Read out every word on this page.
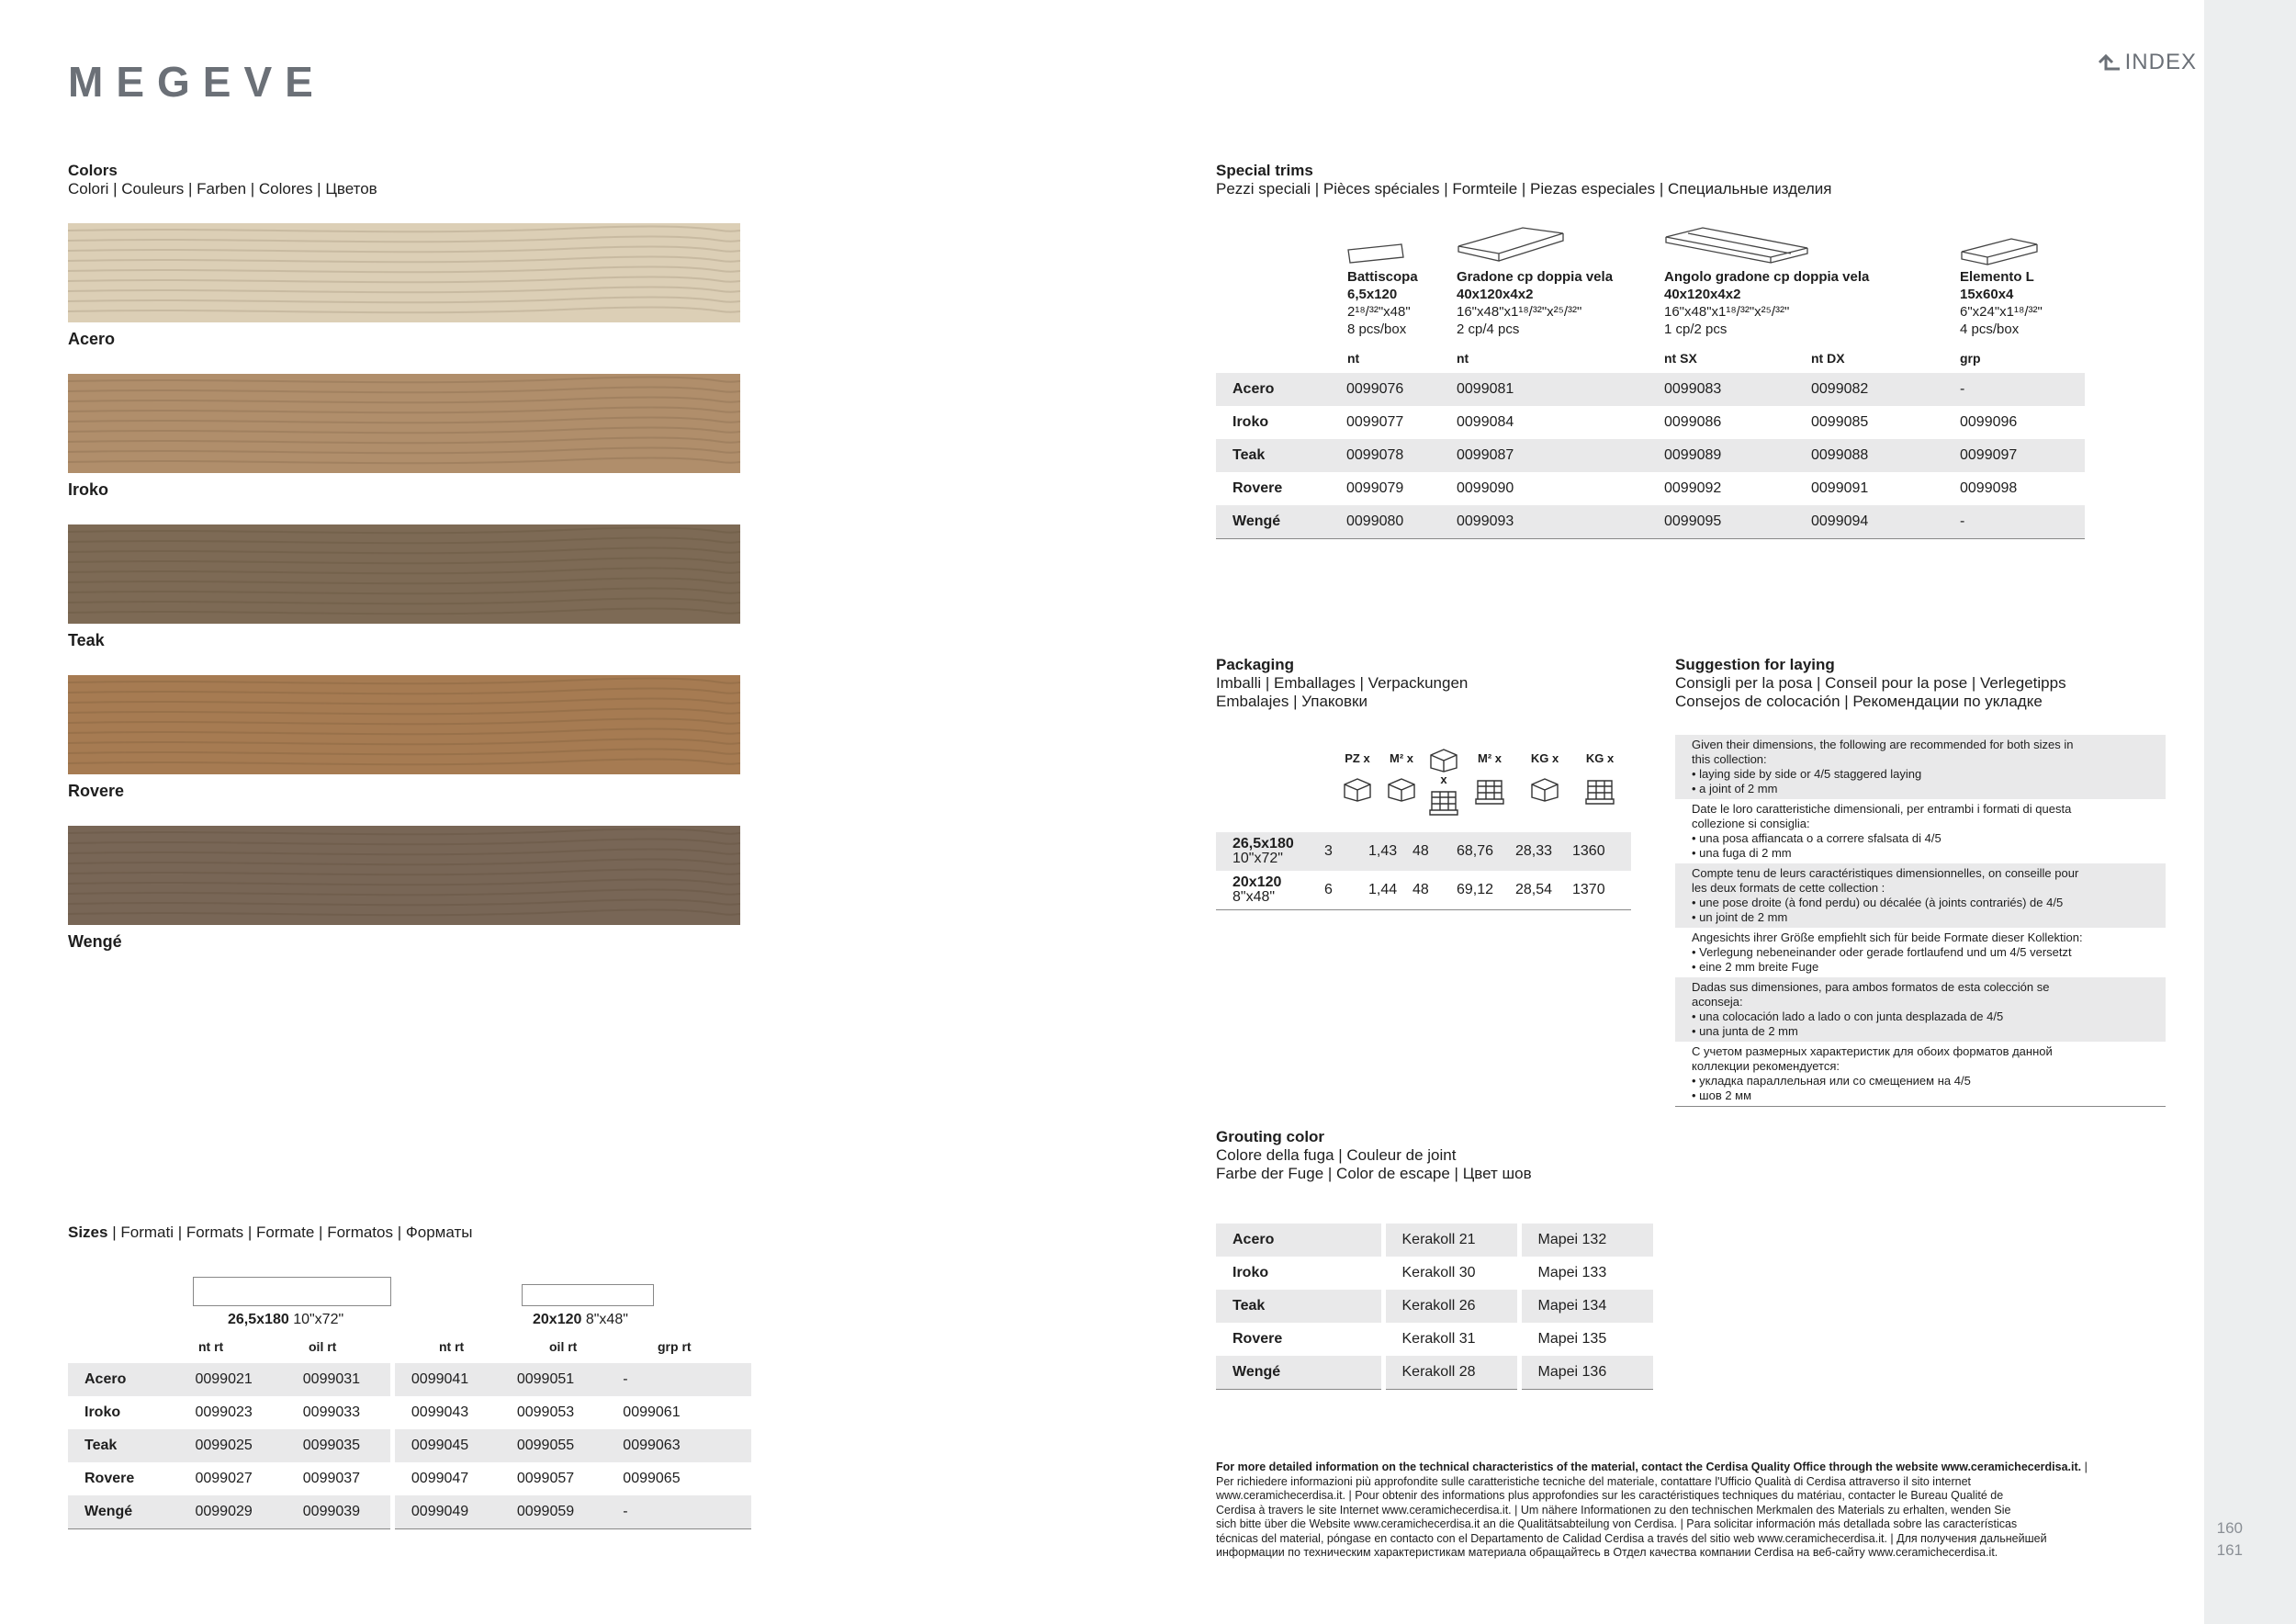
160
161
MEGEVE	INDEX
Colors
Colori | Couleurs | Farben | Colores | Цветов
Acero
Iroko
Teak
Rovere
Wengé
Sizes | Formati | Formats | Formate | Formatos | Форматы
26,5x180 10"x72"	20x120 8"x48"
nt rt	oil rt	nt rt	oil rt	grp rt
Acero	0099021	0099031	0099041	0099051	-	
Iroko	0099023	0099033	0099043	0099053	0099061	
Teak	0099025	0099035	0099045	0099055	0099063	
Rovere	0099027	0099037	0099047	0099057	0099065	
Wengé	0099029	0099039	0099049	0099059	-	
Special trims
Pezzi speciali | Pièces spéciales | Formteile | Piezas especiales | Специальные изделия
Battiscopa
6,5x120
2¹⁸/³²"x48"
8 pcs/box
Gradone cp doppia vela
40x120x4x2
16"x48"x1¹⁸/³²"x²⁵/³²"
2 cp/4 pcs
Angolo gradone cp doppia vela
40x120x4x2
16"x48"x1¹⁸/³²"x²⁵/³²"
1 cp/2 pcs
Elemento L
15x60x4
6"x24"x1¹⁸/³²"
4 pcs/box
nt	nt	nt SX	nt DX	grp
Acero	0099076	0099081	0099083	0099082	-
Iroko	0099077	0099084	0099086	0099085	0099096
Teak	0099078	0099087	0099089	0099088	0099097
Rovere	0099079	0099090	0099092	0099091	0099098
Wengé	0099080	0099093	0099095	0099094	-
Packaging
Imballi | Emballages | Verpackungen
Embalajes | Упаковки
PZ x	M² x
x
M² x	KG x	KG x
26,5x180
10"x72"	3	1,43	48	68,76	28,33	1360

20x120
8"x48"	6	1,44	48	69,12	28,54	1370
Suggestion for laying
Consigli per la posa | Conseil pour la pose | Verlegetipps
Consejos de colocación | Рекомендации по укладке
Given their dimensions, the following are recommended for both sizes in
this collection:
• laying side by side or 4/5 staggered laying
• a joint of 2 mm
Date le loro caratteristiche dimensionali, per entrambi i formati di questa
collezione si consiglia:
• una posa affiancata o a correre sfalsata di 4/5
• una fuga di 2 mm
Compte tenu de leurs caractéristiques dimensionnelles, on conseille pour
les deux formats de cette collection :
• une pose droite (à fond perdu) ou décalée (à joints contrariés) de 4/5
• un joint de 2 mm
Angesichts ihrer Größe empfiehlt sich für beide Formate dieser Kollektion:
• Verlegung nebeneinander oder gerade fortlaufend und um 4/5 versetzt
• eine 2 mm breite Fuge
Dadas sus dimensiones, para ambos formatos de esta colección se
aconseja:
• una colocación lado a lado o con junta desplazada de 4/5
• una junta de 2 mm
С учетом размерных характеристик для обоих форматов данной
коллекции рекомендуется:
• укладка параллельная или со смещением на 4/5
• шов 2 мм
Grouting color
Colore della fuga | Couleur de joint
Farbe der Fuge | Color de escape | Цвет шов
Acero	Kerakoll 21	Mapei 132
Iroko	Kerakoll 30	Mapei 133
Teak	Kerakoll 26	Mapei 134
Rovere	Kerakoll 31	Mapei 135
Wengé	Kerakoll 28	Mapei 136
For more detailed information on the technical characteristics of the material, contact the Cerdisa Quality Office through the website www.ceramichecerdisa.it. |
Per richiedere informazioni più approfondite sulle caratteristiche tecniche del materiale, contattare l'Ufficio Qualità di Cerdisa attraverso il sito internet
www.ceramichecerdisa.it. | Pour obtenir des informations plus approfondies sur les caractéristiques techniques du matériau, contacter le Bureau Qualité de
Cerdisa à travers le site Internet www.ceramichecerdisa.it. | Um nähere Informationen zu den technischen Merkmalen des Materials zu erhalten, wenden Sie
sich bitte über die Website www.ceramichecerdisa.it an die Qualitätsabteilung von Cerdisa. | Para solicitar información más detallada sobre las características
técnicas del material, póngase en contacto con el Departamento de Calidad Cerdisa a través del sitio web www.ceramichecerdisa.it. | Для получения дальнейшей
информации по техническим характеристикам материала обращайтесь в Отдел качества компании Cerdisa на веб-сайту www.ceramichecerdisa.it.
